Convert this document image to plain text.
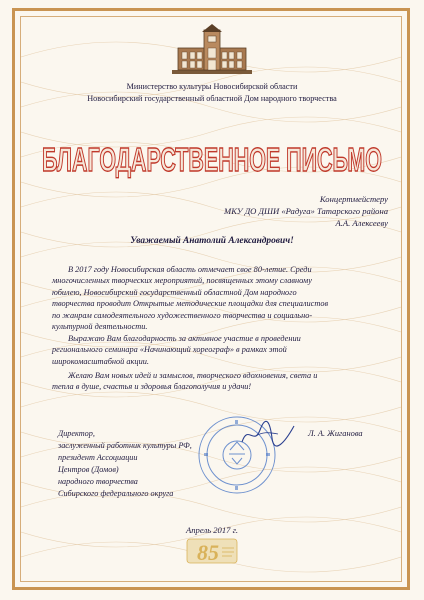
Министерство культуры Новосибирской области
Новосибирский государственный областной Дом народного творчества
БЛАГОДАРСТВЕННОЕ ПИСЬМО
Концертмейстеру
МКУ ДО ДШИ «Радуга» Татарского района
А.А. Алексееву
Уважаемый Анатолий Александрович!
В 2017 году Новосибирская область отмечает свое 80-летие. Среди
многочисленных творческих мероприятий, посвященных этому славному
юбилею, Новосибирский государственный областной Дом народного
творчества проводит Открытые методические площадки для специалистов
по жанрам самодеятельного художественного творчества и социально-
культурной деятельности.
Выражаю Вам благодарность за активное участие в проведении
регионального семинара «Начинающий хореограф» в рамках этой
широкомасштабной акции.
Желаю Вам новых идей и замыслов, творческого вдохновения, света и
тепла в душе, счастья и здоровья благополучия и удачи!
Директор,
заслуженный работник культуры РФ,
президент Ассоциации
Центров (Домов)
народного творчества
Сибирского федерального округа
Л. А. Жиганова
Апрель 2017 г.
85
